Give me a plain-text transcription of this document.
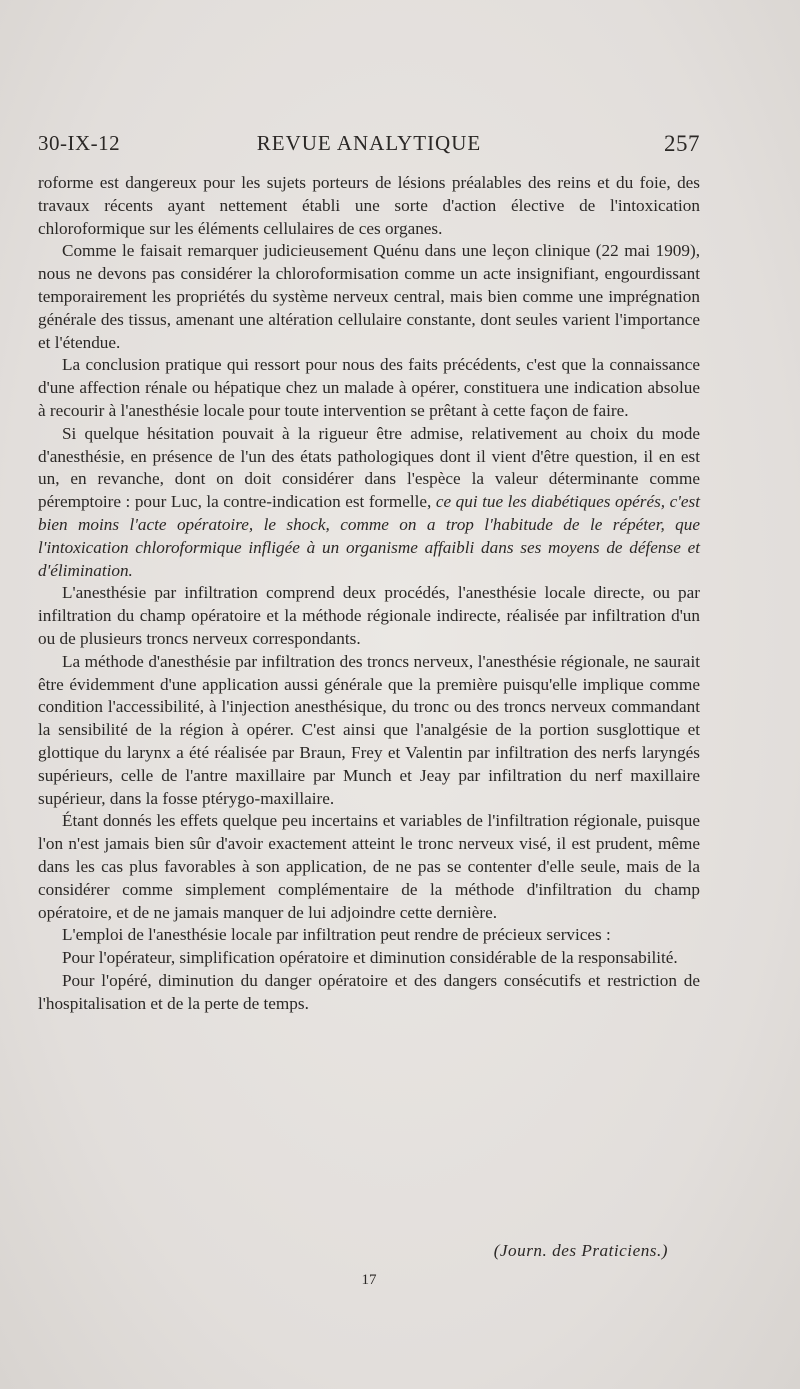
30-IX-12	REVUE ANALYTIQUE	257

roforme est dangereux pour les sujets porteurs de lésions préalables des reins et du foie, des travaux récents ayant nettement établi une sorte d'action élective de l'intoxication chloroformique sur les éléments cellulaires de ces organes.

Comme le faisait remarquer judicieusement Quénu dans une leçon clinique (22 mai 1909), nous ne devons pas considérer la chloroformisation comme un acte insignifiant, engourdissant temporairement les propriétés du système nerveux central, mais bien comme une imprégnation générale des tissus, amenant une altération cellulaire constante, dont seules varient l'importance et l'étendue.

La conclusion pratique qui ressort pour nous des faits précédents, c'est que la connaissance d'une affection rénale ou hépatique chez un malade à opérer, constituera une indication absolue à recourir à l'anesthésie locale pour toute intervention se prêtant à cette façon de faire.

Si quelque hésitation pouvait à la rigueur être admise, relativement au choix du mode d'anesthésie, en présence de l'un des états pathologiques dont il vient d'être question, il en est un, en revanche, dont on doit considérer dans l'espèce la valeur déterminante comme péremptoire : pour Luc, la contre-indication est formelle, ce qui tue les diabétiques opérés, c'est bien moins l'acte opératoire, le shock, comme on a trop l'habitude de le répéter, que l'intoxication chloroformique infligée à un organisme affaibli dans ses moyens de défense et d'élimination.

L'anesthésie par infiltration comprend deux procédés, l'anesthésie locale directe, ou par infiltration du champ opératoire et la méthode régionale indirecte, réalisée par infiltration d'un ou de plusieurs troncs nerveux correspondants.

La méthode d'anesthésie par infiltration des troncs nerveux, l'anesthésie régionale, ne saurait être évidemment d'une application aussi générale que la première puisqu'elle implique comme condition l'accessibilité, à l'injection anesthésique, du tronc ou des troncs nerveux commandant la sensibilité de la région à opérer. C'est ainsi que l'analgésie de la portion susglottique et glottique du larynx a été réalisée par Braun, Frey et Valentin par infiltration des nerfs laryngés supérieurs, celle de l'antre maxillaire par Munch et Jeay par infiltration du nerf maxillaire supérieur, dans la fosse ptérygo-maxillaire.

Étant donnés les effets quelque peu incertains et variables de l'infiltration régionale, puisque l'on n'est jamais bien sûr d'avoir exactement atteint le tronc nerveux visé, il est prudent, même dans les cas plus favorables à son application, de ne pas se contenter d'elle seule, mais de la considérer comme simplement complémentaire de la méthode d'infiltration du champ opératoire, et de ne jamais manquer de lui adjoindre cette dernière.

L'emploi de l'anesthésie locale par infiltration peut rendre de précieux services :

Pour l'opérateur, simplification opératoire et diminution considérable de la responsabilité.

Pour l'opéré, diminution du danger opératoire et des dangers consécutifs et restriction de l'hospitalisation et de la perte de temps.

(Journ. des Praticiens.)
17
